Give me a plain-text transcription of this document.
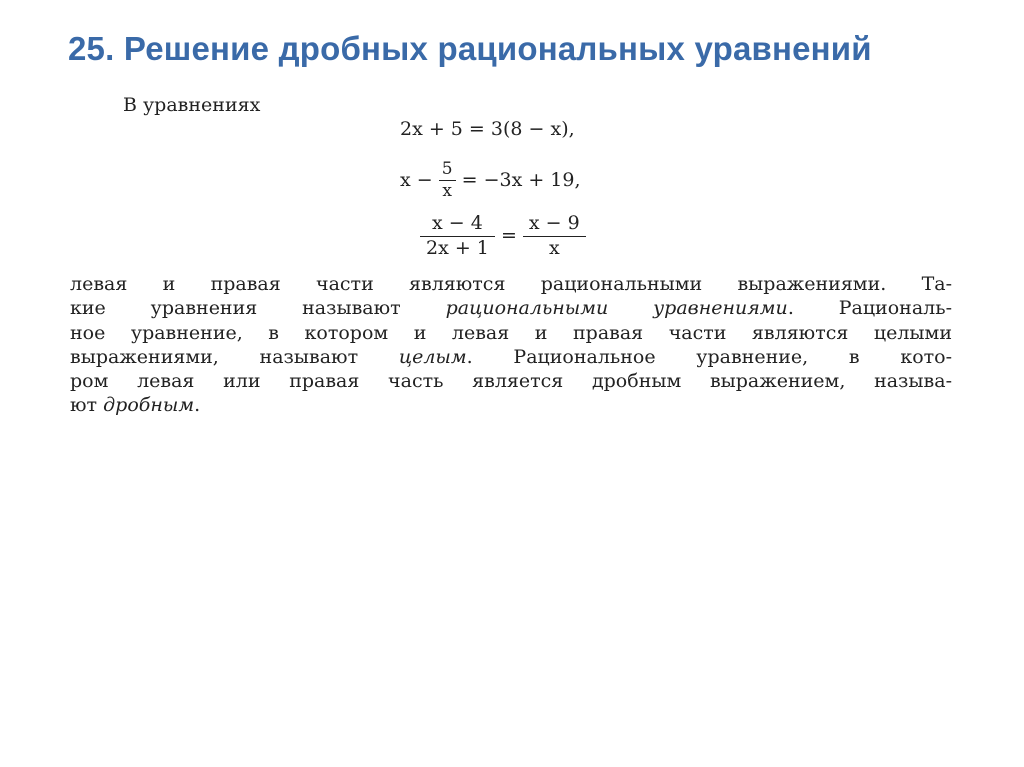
25. Решение дробных рациональных уравнений
В уравнениях
2x + 5 = 3(8 − x),
$x - \frac{5}{x} = -3x + 19$,
$\frac{x - 4}{2x + 1} = \frac{x - 9}{x}$
левая и правая части являются рациональными выражениями. Та-
кие уравнения называют рациональными уравнениями. Рациональ-
ное уравнение, в котором и левая и правая части являются целыми
выражениями, называют целым. Рациональное уравнение, в кото-
ром левая или правая часть является дробным выражением, называ-
ют дробным.
